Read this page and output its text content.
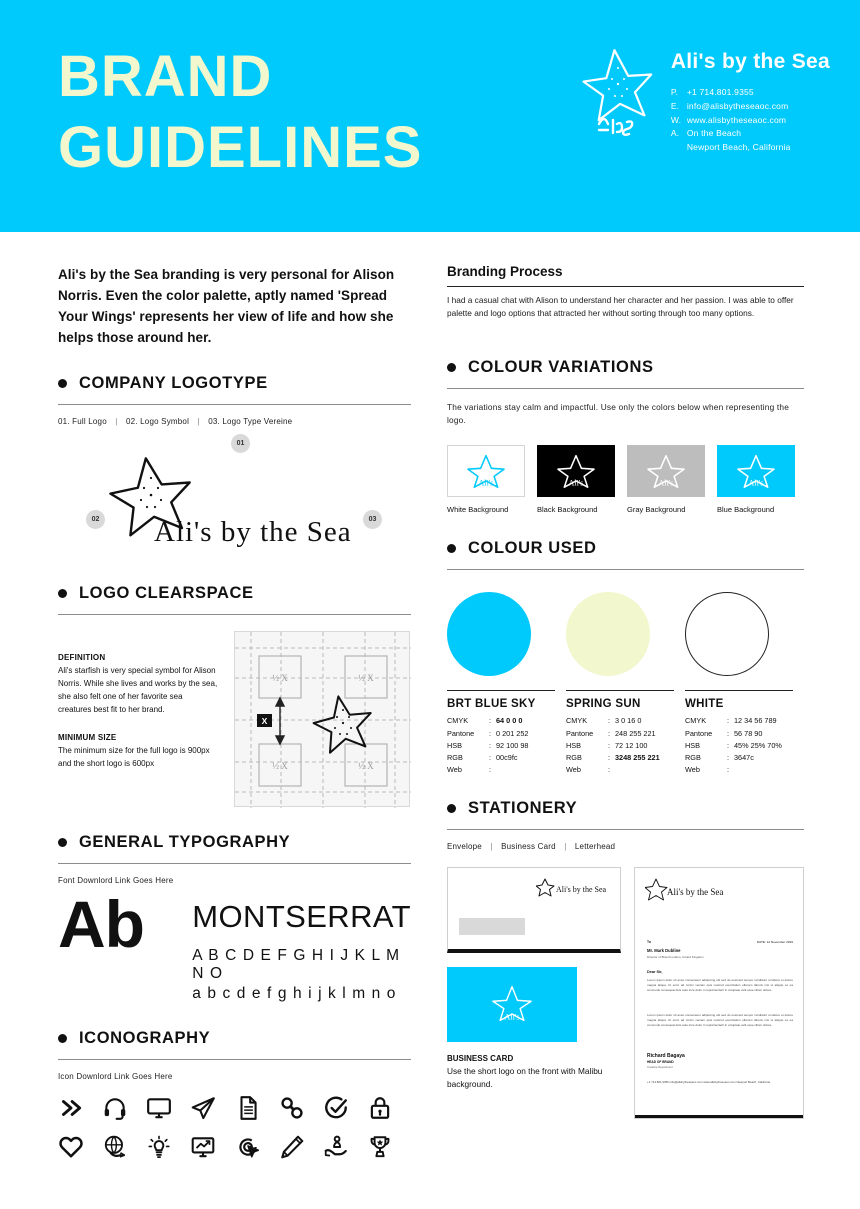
BRAND
GUIDELINES
Ali's by the Sea
P.	+1 714.801.9355
E. info@alisbytheseaoc.com
W. www.alisbytheseaoc.com
A. On the Beach
Newport Beach, California
Ali's by the Sea branding is very personal for Alison Norris. Even the color palette, aptly named 'Spread Your Wings' represents her view of life and how she helps those around her.
COMPANY LOGOTYPE
01. Full Logo | 02. Logo Symbol | 03. Logo Type Vereine
01
02	03
Ali's by the Sea
LOGO CLEARSPACE
DEFINITION
Ali's starfish is very special symbol for Alison Norris. While she lives and works by the sea, she also felt one of her favorite sea creatures best fit to her brand.
MINIMUM SIZE
The minimum size for the full logo is 900px and the short logo is 600px
½ X	½ X
½ X	½ X
X
GENERAL TYPOGRAPHY
Font Downlord Link Goes Here
Ab	MONTSERRAT
A B C D E F G H I J K L M N O
a b c d e f g h i j k l m n o
ICONOGRAPHY
Icon Downlord Link Goes Here
Branding Process
I had a casual chat with Alison to understand her character and her passion. I was able to offer palette and logo options that attracted her without sorting through too many options.
COLOUR VARIATIONS
The variations stay calm and impactful. Use only the colors below when representing the logo.
Ali's
White Background
Ali's
Black Background
Ali's
Gray Background
Ali's
Blue Background
COLOUR USED
BRT BLUE SKY
CMYK	: 64 0 0 0
Pantone	: 0 201 252
HSB	: 92 100 98
RGB	: 00c9fc
Web	:
SPRING SUN
CMYK	: 3 0 16 0
Pantone	: 248 255 221
HSB	: 72 12 100
RGB	: 3248 255 221
Web	:
WHITE
CMYK	: 12 34 56 789
Pantone	: 56 78 90
HSB	: 45% 25% 70%
RGB	: 3647c
Web	:
STATIONERY
Envelope | Business Card | Letterhead
Ali's by the Sea
Ali's
BUSINESS CARD
Use the short logo on the front with Malibu background.
Ali's by the Sea
To	DATE: 12 November 2019
Mr. Mark Dubline
Director of Brand London, United Kingdom
Dear Sir,
Lorem ipsum dolor sit amet consectetur adipiscing elit sed do eiusmod tempor incididunt ut labore et dolore magna aliqua. Ut enim ad minim veniam quis nostrud exercitation ullamco laboris nisi ut aliquip ex ea commodo consequat duis aute irure dolor in reprehenderit in voluptate velit esse cillum dolore.
Lorem ipsum dolor sit amet consectetur adipiscing elit sed do eiusmod tempor incididunt ut labore et dolore magna aliqua. Ut enim ad minim veniam quis nostrud exercitation ullamco laboris nisi ut aliquip ex ea commodo consequat duis aute irure dolor in reprehenderit in voluptate velit esse cillum dolore.
Richard Bagaya
HEAD OF BRAND
Creative Department
+1 714.801.9355 info@alisbytheseaoc.com www.alisbytheseaoc.com Newport Beach, California
